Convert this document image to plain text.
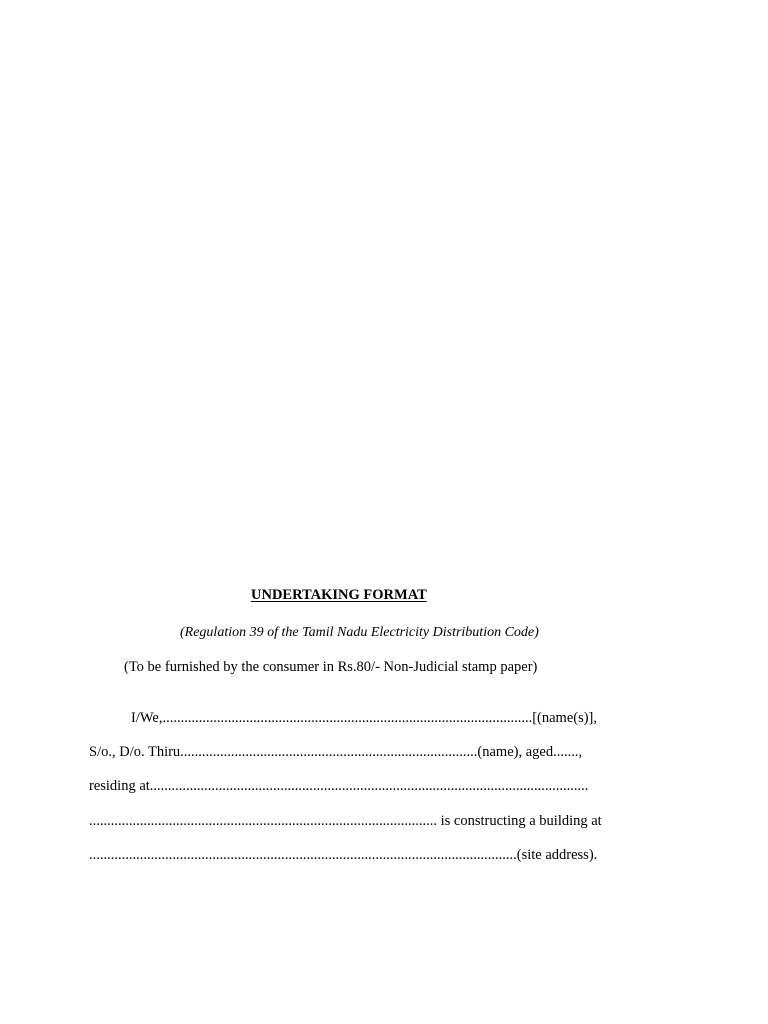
UNDERTAKING FORMAT
(Regulation 39 of the Tamil Nadu Electricity Distribution Code)
(To be furnished by the consumer in Rs.80/- Non-Judicial stamp paper)
I/We,......................................................................................................[(name(s)],
S/o., D/o. Thiru..................................................................................(name), aged.......,
residing at.........................................................................................................................
................................................................................................ is constructing a building at
......................................................................................................................(site address).
